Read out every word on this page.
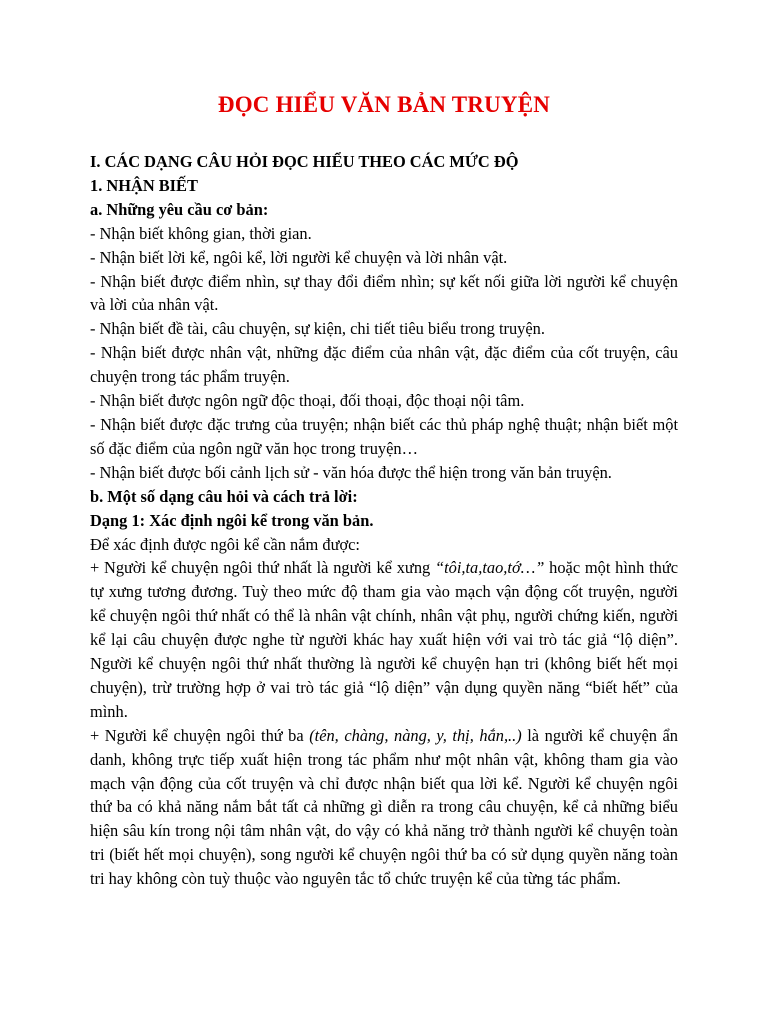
ĐỌC HIỂU VĂN BẢN TRUYỆN

I. CÁC DẠNG CÂU HỎI ĐỌC HIỂU THEO CÁC MỨC ĐỘ

1. NHẬN BIẾT

a. Những yêu cầu cơ bản:

- Nhận biết không gian, thời gian.

- Nhận biết lời kể, ngôi kể, lời người kể chuyện và lời nhân vật.

- Nhận biết được điểm nhìn, sự thay đổi điểm nhìn; sự kết nối giữa lời người kể chuyện và lời của nhân vật.

- Nhận biết đề tài, câu chuyện, sự kiện, chi tiết tiêu biểu trong truyện.

- Nhận biết được nhân vật, những đặc điểm của nhân vật, đặc điểm của cốt truyện, câu chuyện trong tác phẩm truyện.

- Nhận biết được ngôn ngữ độc thoại, đối thoại, độc thoại nội tâm.

- Nhận biết được đặc trưng của truyện; nhận biết các thủ pháp nghệ thuật; nhận biết một số đặc điểm của ngôn ngữ văn học trong truyện…

- Nhận biết được bối cảnh lịch sử - văn hóa được thể hiện trong văn bản truyện.

b. Một số dạng câu hỏi và cách trả lời:

Dạng 1: Xác định ngôi kể trong văn bản.

Để xác định được ngôi kể cần nắm được:

+ Người kể chuyện ngôi thứ nhất là người kể xưng “tôi,ta,tao,tớ…” hoặc một hình thức tự xưng tương đương. Tuỳ theo mức độ tham gia vào mạch vận động cốt truyện, người kể chuyện ngôi thứ nhất có thể là nhân vật chính, nhân vật phụ, người chứng kiến, người kể lại câu chuyện được nghe từ người khác hay xuất hiện với vai trò tác giả “lộ diện”. Người kể chuyện ngôi thứ nhất thường là người kể chuyện hạn tri (không biết hết mọi chuyện), trừ trường hợp ở vai trò tác giả “lộ diện” vận dụng quyền năng “biết hết” của mình.

+ Người kể chuyện ngôi thứ ba (tên, chàng, nàng, y, thị, hắn,..) là người kể chuyện ẩn danh, không trực tiếp xuất hiện trong tác phẩm như một nhân vật, không tham gia vào mạch vận động của cốt truyện và chỉ được nhận biết qua lời kể. Người kể chuyện ngôi thứ ba có khả năng nắm bắt tất cả những gì diễn ra trong câu chuyện, kể cả những biểu hiện sâu kín trong nội tâm nhân vật, do vậy có khả năng trở thành người kể chuyện toàn tri (biết hết mọi chuyện), song người kể chuyện ngôi thứ ba có sử dụng quyền năng toàn tri hay không còn tuỳ thuộc vào nguyên tắc tổ chức truyện kể của từng tác phẩm.
